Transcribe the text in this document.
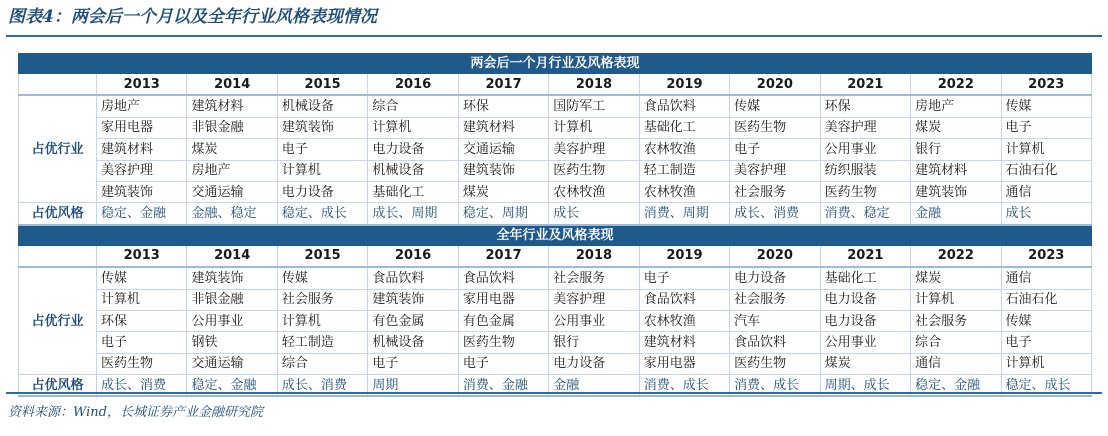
图表4：两会后一个月以及全年行业风格表现情况
两会后一个月行业及风格表现											
	2013	2014	2015	2016	2017	2018	2019	2020	2021	2022	2023
占优行业	房地产	建筑材料	机械设备	综合	环保	国防军工	食品饮料	传媒	环保	房地产	传媒
	家用电器	非银金融	建筑装饰	计算机	建筑材料	计算机	基础化工	医药生物	美容护理	煤炭	电子
	建筑材料	煤炭	电子	电力设备	交通运输	美容护理	农林牧渔	电子	公用事业	银行	计算机
	美容护理	房地产	计算机	机械设备	建筑装饰	医药生物	轻工制造	美容护理	纺织服装	建筑材料	石油石化
	建筑装饰	交通运输	电力设备	基础化工	煤炭	农林牧渔	农林牧渔	社会服务	医药生物	建筑装饰	通信
占优风格	稳定、金融	金融、稳定	稳定、成长	成长、周期	稳定、周期	成长	消费、周期	成长、消费	消费、稳定	金融	成长
全年行业及风格表现											
	2013	2014	2015	2016	2017	2018	2019	2020	2021	2022	2023
占优行业	传媒	建筑装饰	传媒	食品饮料	食品饮料	社会服务	电子	电力设备	基础化工	煤炭	通信
	计算机	非银金融	社会服务	建筑装饰	家用电器	美容护理	食品饮料	社会服务	电力设备	计算机	石油石化
	环保	公用事业	计算机	有色金属	有色金属	公用事业	农林牧渔	汽车	电力设备	社会服务	传媒
	电子	钢铁	轻工制造	机械设备	医药生物	银行	建筑材料	食品饮料	公用事业	综合	电子
	医药生物	交通运输	综合	电子	电子	电力设备	家用电器	医药生物	煤炭	通信	计算机
占优风格	成长、消费	稳定、金融	成长、消费	周期	消费、金融	金融	消费、成长	消费、成长	周期、成长	稳定、金融	稳定、成长
资料来源：Wind，长城证券产业金融研究院
